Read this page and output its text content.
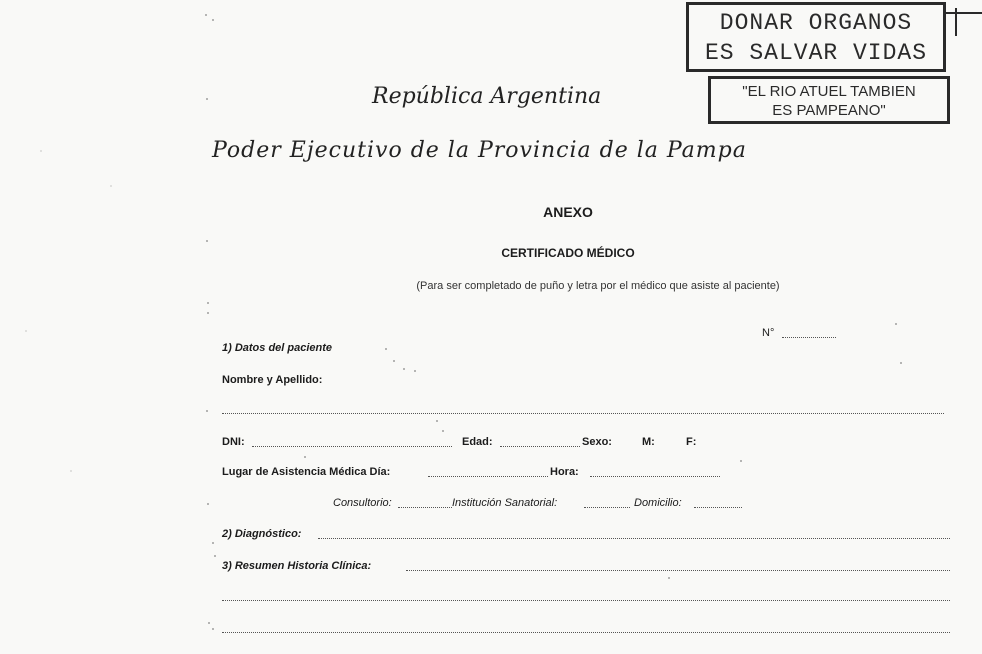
DONAR ORGANOS
ES SALVAR VIDAS
"EL RIO ATUEL TAMBIEN
ES PAMPEANO"
República Argentina
Poder Ejecutivo de la Provincia de la Pampa
ANEXO
CERTIFICADO MÉDICO
(Para ser completado de puño y letra por el médico que asiste al paciente)
N°
1) Datos del paciente
Nombre y Apellido:
DNI:	Edad:	Sexo:	M:	F:
Lugar de Asistencia Médica Día:	Hora:
Consultorio:	Institución Sanatorial:	Domicilio:
2) Diagnóstico:
3) Resumen Historia Clínica:
